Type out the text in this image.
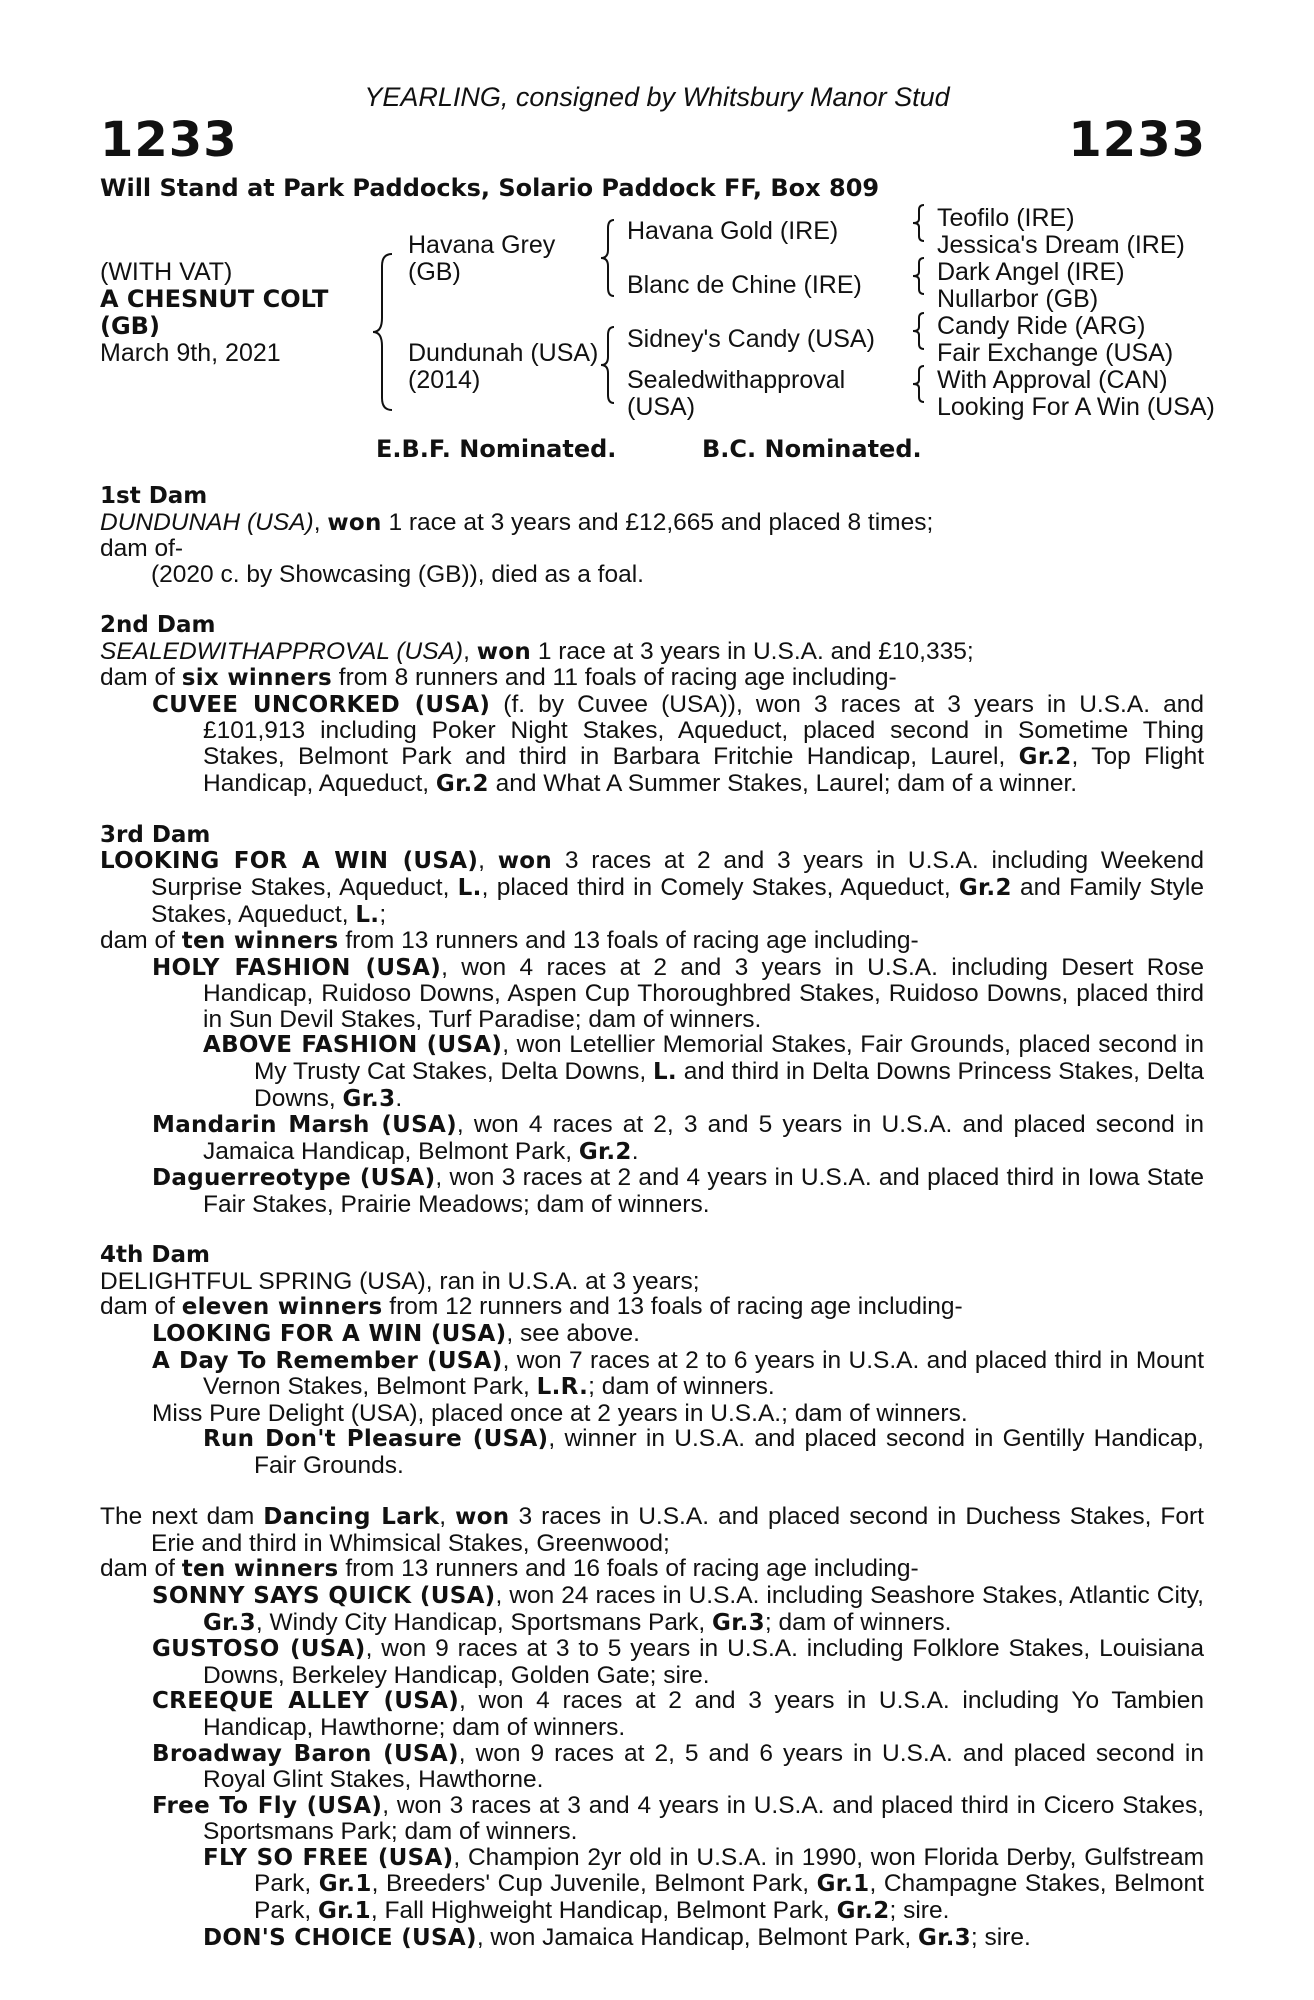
YEARLING, consigned by Whitsbury Manor Stud
1233	1233
Will Stand at Park Paddocks, Solario Paddock FF, Box 809
(WITH VAT)
A CHESNUT COLT
(GB)
March 9th, 2021
Havana Grey
(GB)
Dundunah (USA)
(2014)
Havana Gold (IRE)
Blanc de Chine (IRE)
Sidney's Candy (USA)
Sealedwithapproval
(USA)
Teofilo (IRE)
Jessica's Dream (IRE)
Dark Angel (IRE)
Nullarbor (GB)
Candy Ride (ARG)
Fair Exchange (USA)
With Approval (CAN)
Looking For A Win (USA)
E.B.F. Nominated.	B.C. Nominated.
1st Dam
DUNDUNAH (USA), won 1 race at 3 years and £12,665 and placed 8 times;
dam of-
(2020 c. by Showcasing (GB)), died as a foal.
2nd Dam
SEALEDWITHAPPROVAL (USA), won 1 race at 3 years in U.S.A. and £10,335;
dam of six winners from 8 runners and 11 foals of racing age including-
CUVEE UNCORKED (USA) (f. by Cuvee (USA)), won 3 races at 3 years in U.S.A. and £101,913 including Poker Night Stakes, Aqueduct, placed second in Sometime Thing Stakes, Belmont Park and third in Barbara Fritchie Handicap, Laurel, Gr.2, Top Flight Handicap, Aqueduct, Gr.2 and What A Summer Stakes, Laurel; dam of a winner.
3rd Dam
LOOKING FOR A WIN (USA), won 3 races at 2 and 3 years in U.S.A. including Weekend Surprise Stakes, Aqueduct, L., placed third in Comely Stakes, Aqueduct, Gr.2 and Family Style Stakes, Aqueduct, L.;
dam of ten winners from 13 runners and 13 foals of racing age including-
HOLY FASHION (USA), won 4 races at 2 and 3 years in U.S.A. including Desert Rose Handicap, Ruidoso Downs, Aspen Cup Thoroughbred Stakes, Ruidoso Downs, placed third in Sun Devil Stakes, Turf Paradise; dam of winners.
ABOVE FASHION (USA), won Letellier Memorial Stakes, Fair Grounds, placed second in My Trusty Cat Stakes, Delta Downs, L. and third in Delta Downs Princess Stakes, Delta Downs, Gr.3.
Mandarin Marsh (USA), won 4 races at 2, 3 and 5 years in U.S.A. and placed second in Jamaica Handicap, Belmont Park, Gr.2.
Daguerreotype (USA), won 3 races at 2 and 4 years in U.S.A. and placed third in Iowa State Fair Stakes, Prairie Meadows; dam of winners.
4th Dam
DELIGHTFUL SPRING (USA), ran in U.S.A. at 3 years;
dam of eleven winners from 12 runners and 13 foals of racing age including-
LOOKING FOR A WIN (USA), see above.
A Day To Remember (USA), won 7 races at 2 to 6 years in U.S.A. and placed third in Mount Vernon Stakes, Belmont Park, L.R.; dam of winners.
Miss Pure Delight (USA), placed once at 2 years in U.S.A.; dam of winners.
Run Don't Pleasure (USA), winner in U.S.A. and placed second in Gentilly Handicap, Fair Grounds.
The next dam Dancing Lark, won 3 races in U.S.A. and placed second in Duchess Stakes, Fort Erie and third in Whimsical Stakes, Greenwood;
dam of ten winners from 13 runners and 16 foals of racing age including-
SONNY SAYS QUICK (USA), won 24 races in U.S.A. including Seashore Stakes, Atlantic City, Gr.3, Windy City Handicap, Sportsmans Park, Gr.3; dam of winners.
GUSTOSO (USA), won 9 races at 3 to 5 years in U.S.A. including Folklore Stakes, Louisiana Downs, Berkeley Handicap, Golden Gate; sire.
CREEQUE ALLEY (USA), won 4 races at 2 and 3 years in U.S.A. including Yo Tambien Handicap, Hawthorne; dam of winners.
Broadway Baron (USA), won 9 races at 2, 5 and 6 years in U.S.A. and placed second in Royal Glint Stakes, Hawthorne.
Free To Fly (USA), won 3 races at 3 and 4 years in U.S.A. and placed third in Cicero Stakes, Sportsmans Park; dam of winners.
FLY SO FREE (USA), Champion 2yr old in U.S.A. in 1990, won Florida Derby, Gulfstream Park, Gr.1, Breeders' Cup Juvenile, Belmont Park, Gr.1, Champagne Stakes, Belmont Park, Gr.1, Fall Highweight Handicap, Belmont Park, Gr.2; sire.
DON'S CHOICE (USA), won Jamaica Handicap, Belmont Park, Gr.3; sire.
